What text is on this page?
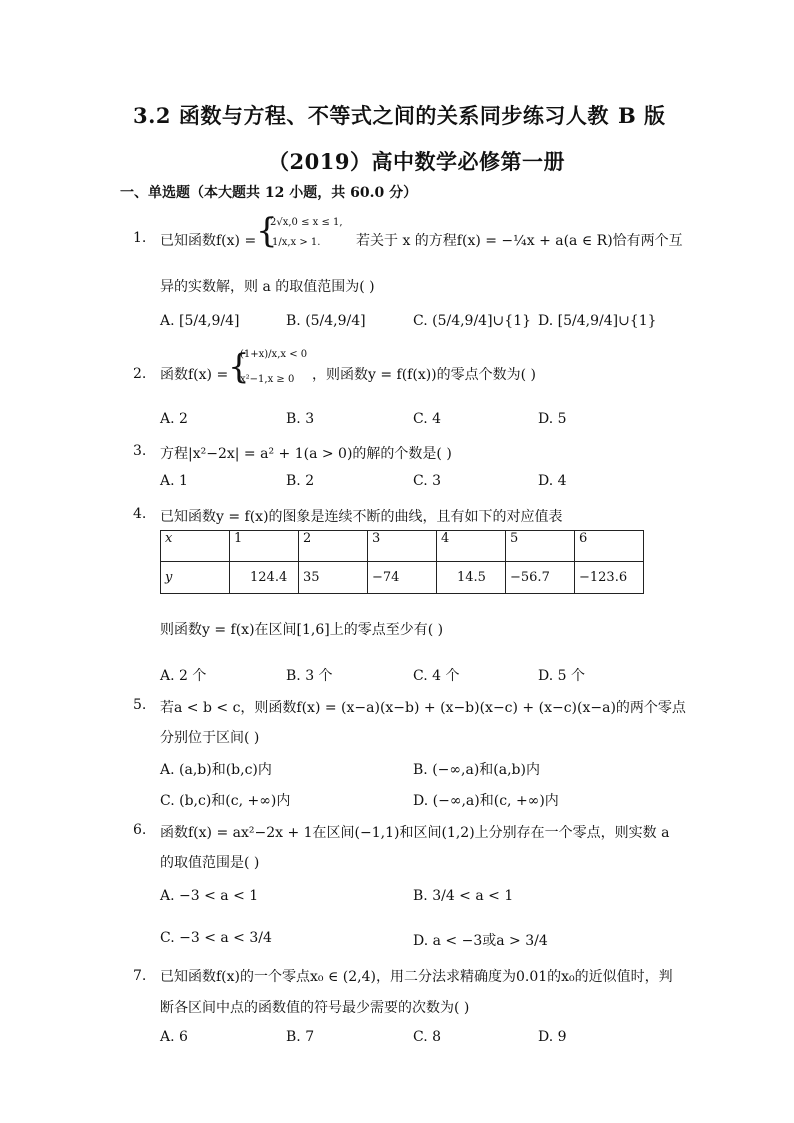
3.2 函数与方程、不等式之间的关系同步练习人教 B 版
（2019）高中数学必修第一册
一、单选题（本大题共 12 小题，共 60.0 分）
1. 已知函数f(x) = {
2√x,0 ≤ x ≤ 1,
1/x,x > 1.	若关于 x 的方程f(x) = −¼x + a(a ∈ R)恰有两个互
异的实数解，则 a 的取值范围为( )
A. [5/4,9/4]	B. (5/4,9/4]	C. (5/4,9/4]∪{1} D. [5/4,9/4]∪{1}
2. 函数f(x) = {
(1+x)/x,x < 0
x²−1,x ≥ 0 ，则函数y = f(f(x))的零点个数为( )
A. 2	B. 3	C. 4	D. 5
3. 方程|x²−2x| = a² + 1(a > 0)的解的个数是( )
A. 1	B. 2	C. 3	D. 4
4. 已知函数y = f(x)的图象是连续不断的曲线，且有如下的对应值表
x	1	2	3	4	5	6
y	124.4	35	−74	14.5	−56.7	−123.6
则函数y = f(x)在区间[1,6]上的零点至少有( )
A. 2 个	B. 3 个	C. 4 个	D. 5 个
5. 若a < b < c，则函数f(x) = (x−a)(x−b) + (x−b)(x−c) + (x−c)(x−a)的两个零点
分别位于区间( )
A. (a,b)和(b,c)内	B. (−∞,a)和(a,b)内
C. (b,c)和(c, +∞)内	D. (−∞,a)和(c, +∞)内
6. 函数f(x) = ax²−2x + 1在区间(−1,1)和区间(1,2)上分别存在一个零点，则实数 a
的取值范围是( )
A. −3 < a < 1	B. 3/4 < a < 1
C. −3 < a < 3/4	D. a < −3或a > 3/4
7. 已知函数f(x)的一个零点x₀ ∈ (2,4)，用二分法求精确度为0.01的x₀的近似值时，判
断各区间中点的函数值的符号最少需要的次数为( )
A. 6	B. 7	C. 8	D. 9
